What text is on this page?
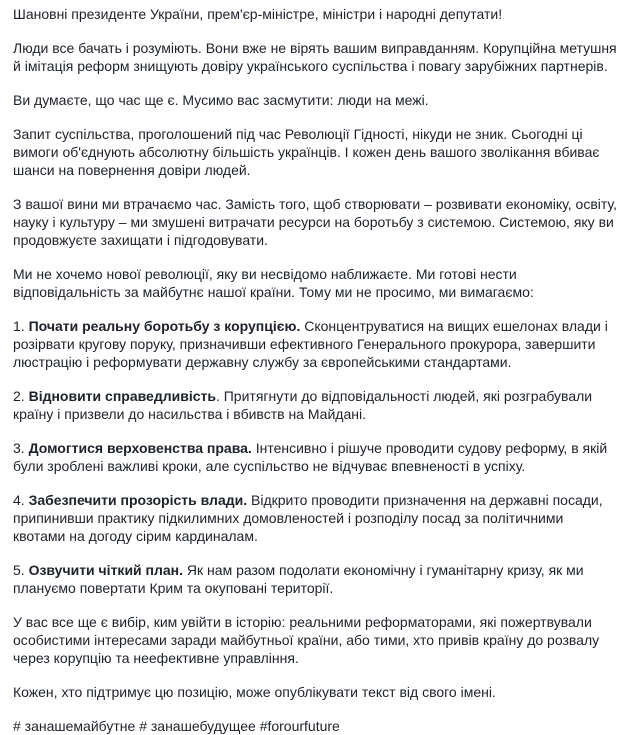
Шановні президенте України, прем'єр-міністре, міністри і народні депутати!

Люди все бачать і розуміють. Вони вже не вірять вашим виправданням. Корупційна метушня й імітація реформ знищують довіру українського суспільства і повагу зарубіжних партнерів.

Ви думаєте, що час ще є. Мусимо вас засмутити: люди на межі.

Запит суспільства, проголошений під час Революції Гідності, нікуди не зник. Сьогодні ці вимоги об'єднують абсолютну більшість українців. І кожен день вашого зволікання вбиває шанси на повернення довіри людей.

З вашої вини ми втрачаємо час. Замість того, щоб створювати – розвивати економіку, освіту, науку і культуру – ми змушені витрачати ресурси на боротьбу з системою. Системою, яку ви продовжуєте захищати і підгодовувати.

Ми не хочемо нової революції, яку ви несвідомо наближаєте. Ми готові нести відповідальність за майбутнє нашої країни. Тому ми не просимо, ми вимагаємо:

1. Почати реальну боротьбу з корупцією. Сконцентруватися на вищих ешелонах влади і розірвати кругову поруку, призначивши ефективного Генерального прокурора, завершити люстрацію і реформувати державну службу за європейськими стандартами.

2. Відновити справедливість. Притягнути до відповідальності людей, які розграбували країну і призвели до насильства і вбивств на Майдані.

3. Домогтися верховенства права. Інтенсивно і рішуче проводити судову реформу, в якій були зроблені важливі кроки, але суспільство не відчуває впевненості в успіху.

4. Забезпечити прозорість влади. Відкрито проводити призначення на державні посади, припинивши практику підкилимних домовленостей і розподілу посад за політичними квотами на догоду сірим кардиналам.

5. Озвучити чіткий план. Як нам разом подолати економічну і гуманітарну кризу, як ми плануємо повертати Крим та окуповані території.

У вас все ще є вибір, ким увійти в історію: реальними реформаторами, які пожертвували особистими інтересами заради майбутньої країни, або тими, хто привів країну до розвалу через корупцію та неефективне управління.

Кожен, хто підтримує цю позицію, може опублікувати текст від свого імені.

# занашемайбутне # занашебудущее #forourfuture
